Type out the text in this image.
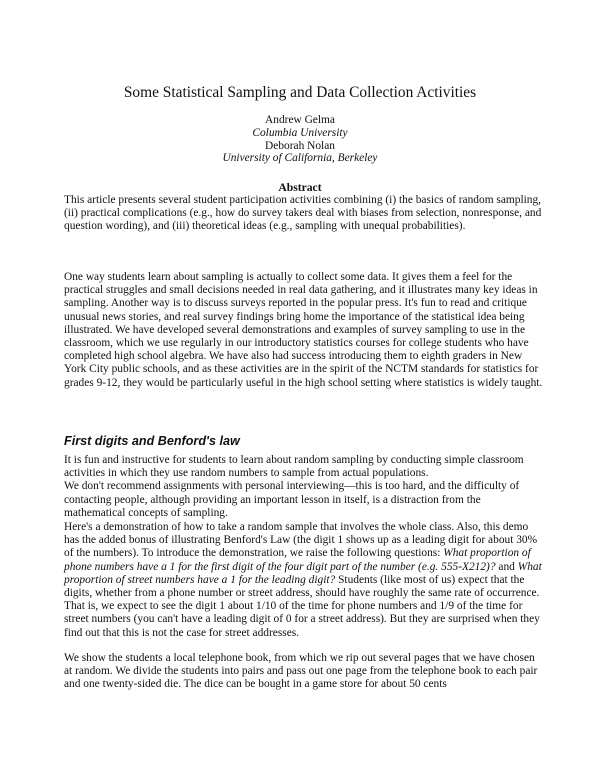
Some Statistical Sampling and Data Collection Activities
Andrew Gelma
Columbia University
Deborah Nolan
University of California, Berkeley
Abstract

This article presents several student participation activities combining (i) the basics of random sampling, (ii) practical complications (e.g., how do survey takers deal with biases from selection, nonresponse, and question wording), and (iii) theoretical ideas (e.g., sampling with unequal probabilities).

One way students learn about sampling is actually to collect some data. It gives them a feel for the practical struggles and small decisions needed in real data gathering, and it illustrates many key ideas in sampling. Another way is to discuss surveys reported in the popular press. It's fun to read and critique unusual news stories, and real survey findings bring home the importance of the statistical idea being illustrated. We have developed several demonstrations and examples of survey sampling to use in the classroom, which we use regularly in our introductory statistics courses for college students who have completed high school algebra. We have also had success introducing them to eighth graders in New York City public schools, and as these activities are in the spirit of the NCTM standards for statistics for grades 9-12, they would be particularly useful in the high school setting where statistics is widely taught.

First digits and Benford's law

It is fun and instructive for students to learn about random sampling by conducting simple classroom activities in which they use random numbers to sample from actual populations.

We don't recommend assignments with personal interviewing—this is too hard, and the difficulty of contacting people, although providing an important lesson in itself, is a distraction from the mathematical concepts of sampling.

Here's a demonstration of how to take a random sample that involves the whole class. Also, this demo has the added bonus of illustrating Benford's Law (the digit 1 shows up as a leading digit for about 30% of the numbers). To introduce the demonstration, we raise the following questions: What proportion of phone numbers have a 1 for the first digit of the four digit part of the number (e.g. 555-X212)? and What proportion of street numbers have a 1 for the leading digit? Students (like most of us) expect that the digits, whether from a phone number or street address, should have roughly the same rate of occurrence. That is, we expect to see the digit 1 about 1/10 of the time for phone numbers and 1/9 of the time for street numbers (you can't have a leading digit of 0 for a street address). But they are surprised when they find out that this is not the case for street addresses.

We show the students a local telephone book, from which we rip out several pages that we have chosen at random. We divide the students into pairs and pass out one page from the telephone book to each pair and one twenty-sided die. The dice can be bought in a game store for about 50 cents
